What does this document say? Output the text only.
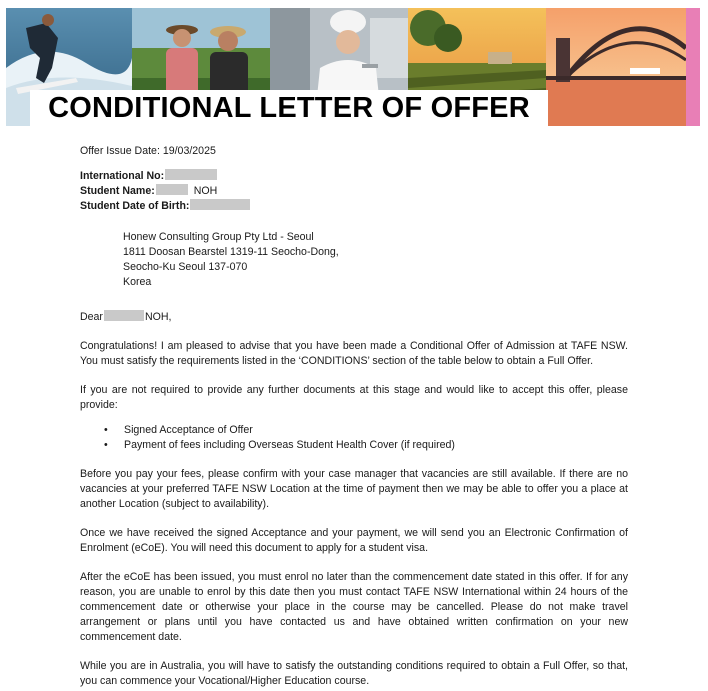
CONDITIONAL LETTER OF OFFER

Offer Issue Date: 19/03/2025

International No:

Student Name:	NOH

Student Date of Birth:

Honew Consulting Group Pty Ltd - Seoul

1811 Doosan Bearstel 1319-11 Seocho-Dong,

Seocho-Ku Seoul 137-070

Korea

Dear	NOH,

Congratulations! I am pleased to advise that you have been made a Conditional Offer of Admission at TAFE NSW. You must satisfy the requirements listed in the ‘CONDITIONS’ section of the table below to obtain a Full Offer.

If you are not required to provide any further documents at this stage and would like to accept this offer, please provide:

• Signed Acceptance of Offer
• Payment of fees including Overseas Student Health Cover (if required)

Before you pay your fees, please confirm with your case manager that vacancies are still available. If there are no vacancies at your preferred TAFE NSW Location at the time of payment then we may be able to offer you a place at another Location (subject to availability).

Once we have received the signed Acceptance and your payment, we will send you an Electronic Confirmation of Enrolment (eCoE). You will need this document to apply for a student visa.

After the eCoE has been issued, you must enrol no later than the commencement date stated in this offer. If for any reason, you are unable to enrol by this date then you must contact TAFE NSW International within 24 hours of the commencement date or otherwise your place in the course may be cancelled. Please do not make travel arrangement or plans until you have contacted us and have obtained written confirmation on your new commencement date.

While you are in Australia, you will have to satisfy the outstanding conditions required to obtain a Full Offer, so that, you can commence your Vocational/Higher Education course.
